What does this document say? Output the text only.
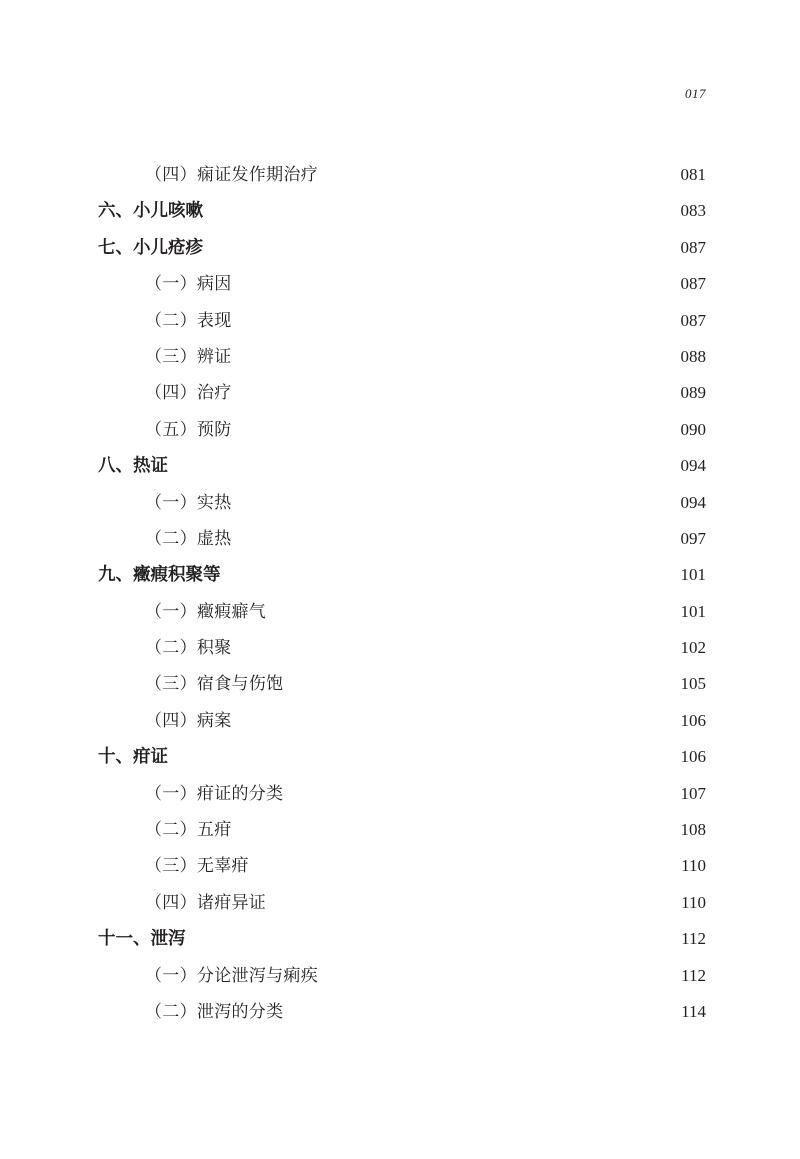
017
（四）痫证发作期治疗	081
六、小儿咳嗽	083
七、小儿疮疹	087
（一）病因	087
（二）表现	087
（三）辨证	088
（四）治疗	089
（五）预防	090
八、热证	094
（一）实热	094
（二）虚热	097
九、癥瘕积聚等	101
（一）癥瘕癖气	101
（二）积聚	102
（三）宿食与伤饱	105
（四）病案	106
十、疳证	106
（一）疳证的分类	107
（二）五疳	108
（三）无辜疳	110
（四）诸疳异证	110
十一、泄泻	112
（一）分论泄泻与痢疾	112
（二）泄泻的分类	114
